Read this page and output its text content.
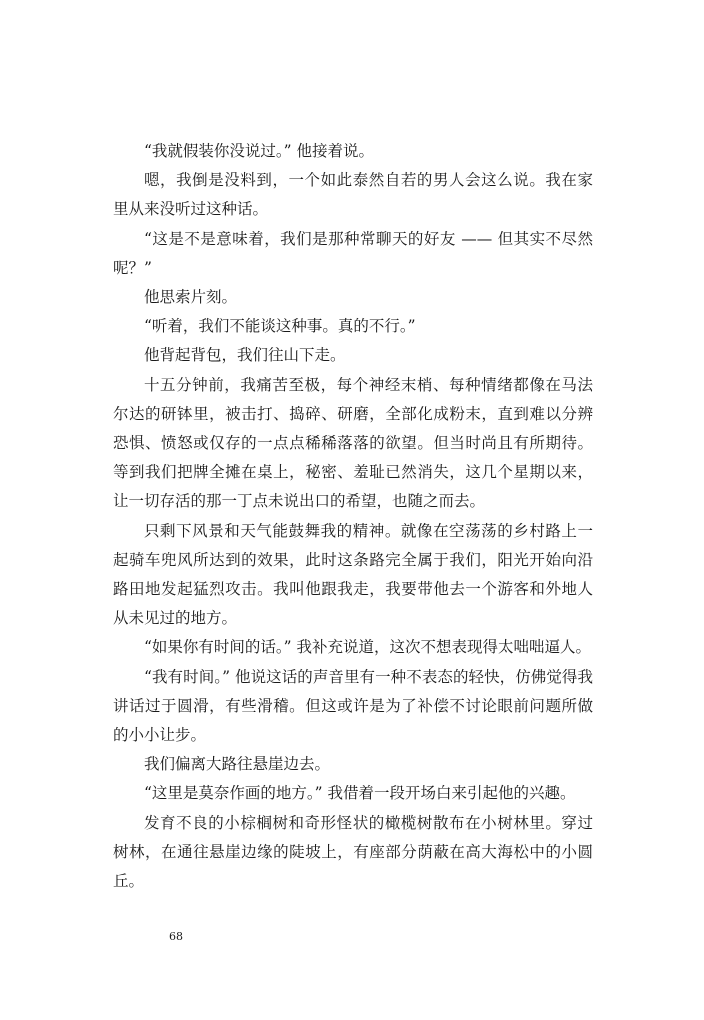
“我就假装你没说过。” 他接着说。

嗯，我倒是没料到，一个如此泰然自若的男人会这么说。我在家里从来没听过这种话。

“这是不是意味着，我们是那种常聊天的好友 —— 但其实不尽然呢？”

他思索片刻。

“听着，我们不能谈这种事。真的不行。”

他背起背包，我们往山下走。

十五分钟前，我痛苦至极，每个神经末梢、每种情绪都像在马法尔达的研钵里，被击打、捣碎、研磨，全部化成粉末，直到难以分辨恐惧、愤怒或仅存的一点点稀稀落落的欲望。但当时尚且有所期待。等到我们把牌全摊在桌上，秘密、羞耻已然消失，这几个星期以来，让一切存活的那一丁点未说出口的希望，也随之而去。

只剩下风景和天气能鼓舞我的精神。就像在空荡荡的乡村路上一起骑车兜风所达到的效果，此时这条路完全属于我们，阳光开始向沿路田地发起猛烈攻击。我叫他跟我走，我要带他去一个游客和外地人从未见过的地方。

“如果你有时间的话。” 我补充说道，这次不想表现得太咄咄逼人。

“我有时间。” 他说这话的声音里有一种不表态的轻快，仿佛觉得我讲话过于圆滑，有些滑稽。但这或许是为了补偿不讨论眼前问题所做的小小让步。

我们偏离大路往悬崖边去。

“这里是莫奈作画的地方。” 我借着一段开场白来引起他的兴趣。

发育不良的小棕榈树和奇形怪状的橄榄树散布在小树林里。穿过树林，在通往悬崖边缘的陡坡上，有座部分荫蔽在高大海松中的小圆丘。

68
